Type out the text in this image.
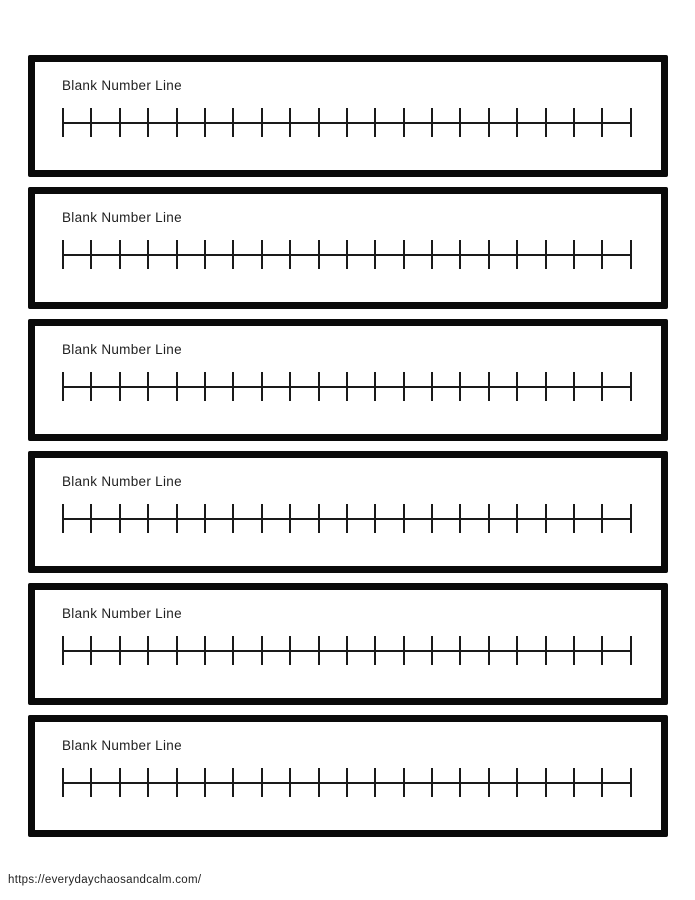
Blank Number Line
Blank Number Line
Blank Number Line
Blank Number Line
Blank Number Line
Blank Number Line
https://everydaychaosandcalm.com/
